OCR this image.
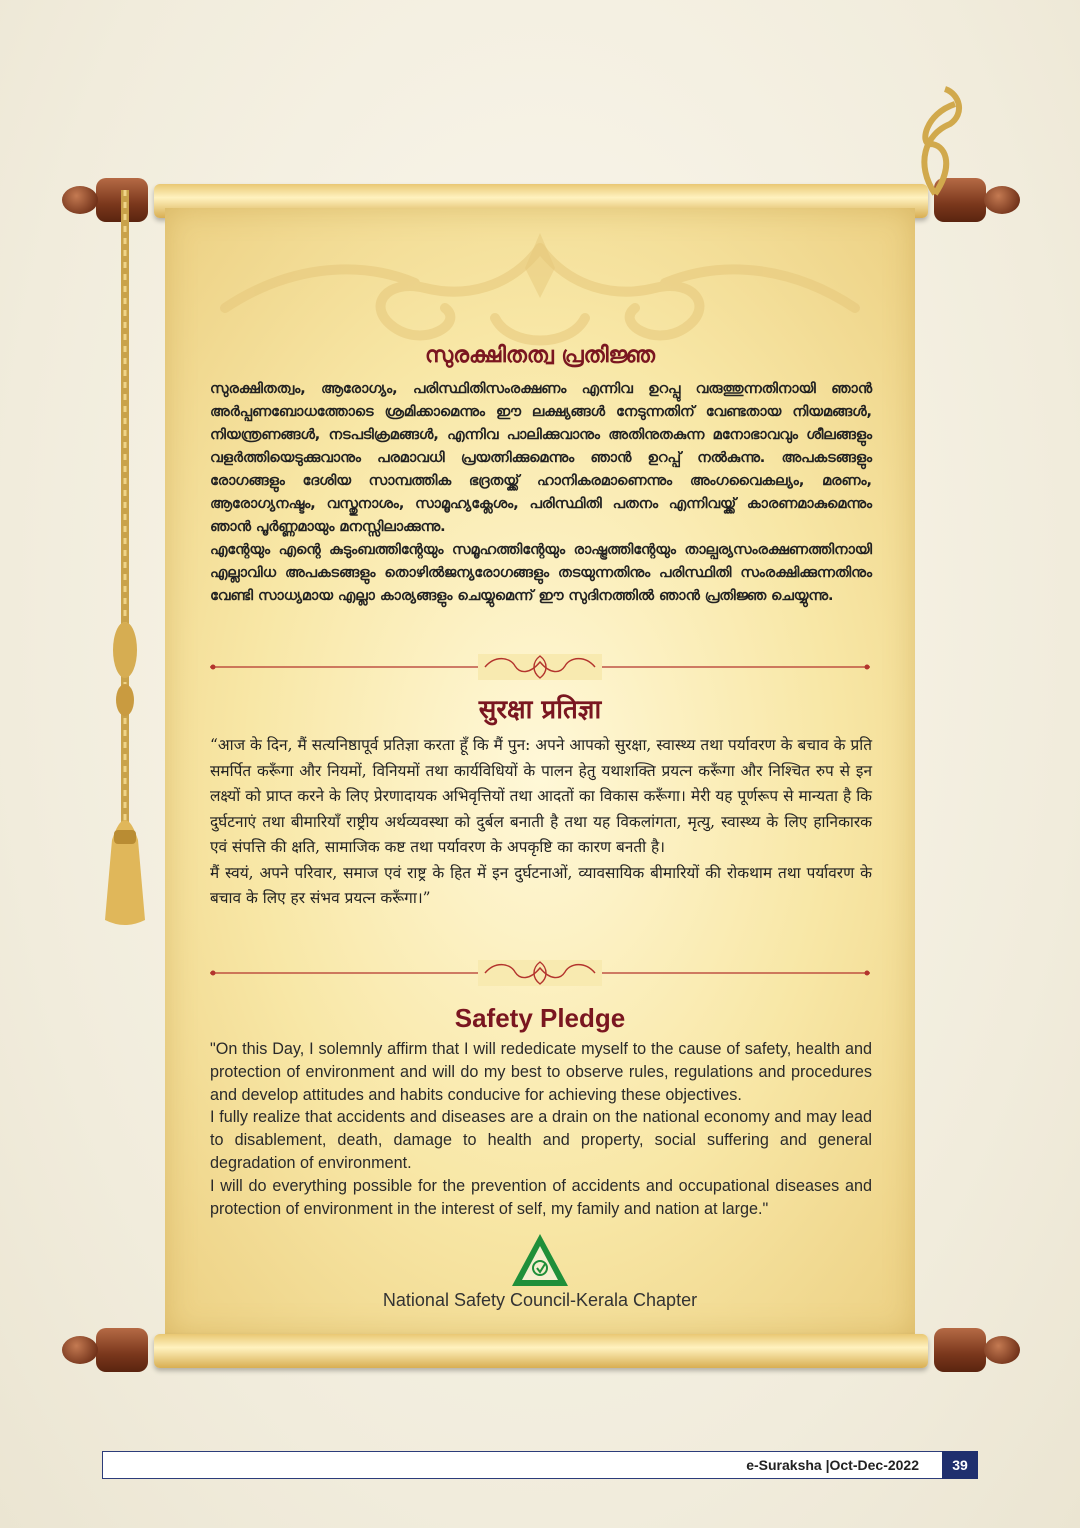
സുരക്ഷിതത്വ പ്രതിജ്ഞ
സുരക്ഷിതത്വം, ആരോഗ്യം, പരിസ്ഥിതിസംരക്ഷണം എന്നിവ ഉറപ്പു വരുത്തുന്നതിനായി ഞാൻ അർപ്പണബോധത്തോടെ ശ്രമിക്കാമെന്നും ഈ ലക്ഷ്യങ്ങൾ നേടുന്നതിന് വേണ്ടതായ നിയമങ്ങൾ, നിയന്ത്രണങ്ങൾ, നടപടിക്രമങ്ങൾ, എന്നിവ പാലിക്കുവാനും അതിനുതകുന്ന മനോഭാവവും ശീലങ്ങളും വളർത്തിയെടുക്കുവാനും പരമാവധി പ്രയത്നിക്കുമെന്നും ഞാൻ ഉറപ്പ് നൽകുന്നു. അപകടങ്ങളും രോഗങ്ങളും ദേശിയ സാമ്പത്തിക ഭദ്രതയ്ക്ക് ഹാനികരമാണെന്നും അംഗവൈകല്യം, മരണം, ആരോഗ്യനഷ്ടം, വസ്തുനാശം, സാമൂഹ്യക്ലേശം, പരിസ്ഥിതി പതനം എന്നിവയ്ക്ക് കാരണമാകുമെന്നും ഞാൻ പൂർണ്ണമായും മനസ്സിലാക്കുന്നു.
എന്റേയും എന്റെ കുടുംബത്തിന്റേയും സമൂഹത്തിന്റേയും രാഷ്ട്രത്തിന്റേയും താല്പര്യസംരക്ഷണത്തിനായി എല്ലാവിധ അപകടങ്ങളും തൊഴിൽജന്യരോഗങ്ങളും തടയുന്നതിനും പരിസ്ഥിതി സംരക്ഷിക്കുന്നതിനും വേണ്ടി സാധ്യമായ എല്ലാ കാര്യങ്ങളും ചെയ്യുമെന്ന് ഈ സുദിനത്തിൽ ഞാൻ പ്രതിജ്ഞ ചെയ്യുന്നു.
सुरक्षा प्रतिज्ञा
“आज के दिन, मैं सत्यनिष्ठापूर्व प्रतिज्ञा करता हूँ कि मैं पुन: अपने आपको सुरक्षा, स्वास्थ्य तथा पर्यावरण के बचाव के प्रति समर्पित करूँगा और नियमों, विनियमों तथा कार्यविधियों के पालन हेतु यथाशक्ति प्रयत्न करूँगा और निश्चित रुप से इन लक्ष्यों को प्राप्त करने के लिए प्रेरणादायक अभिवृत्तियों तथा आदतों का विकास करूँगा। मेरी यह पूर्णरूप से मान्यता है कि दुर्घटनाएं तथा बीमारियाँ राष्ट्रीय अर्थव्यवस्था को दुर्बल बनाती है तथा यह विकलांगता, मृत्यु, स्वास्थ्य के लिए हानिकारक एवं संपत्ति की क्षति, सामाजिक कष्ट तथा पर्यावरण के अपकृष्टि का कारण बनती है।
मैं स्वयं, अपने परिवार, समाज एवं राष्ट्र के हित में इन दुर्घटनाओं, व्यावसायिक बीमारियों की रोकथाम तथा पर्यावरण के बचाव के लिए हर संभव प्रयत्न करूँगा।”
Safety Pledge
"On this Day, I solemnly affirm that I will rededicate myself to the cause of safety, health and protection of environment and will do my best to observe rules, regulations and procedures and develop attitudes and habits conducive for achieving these objectives.
I fully realize that accidents and diseases are a drain on the national economy and may lead to disablement, death, damage to health and property, social suffering and general degradation of environment.
I will do everything possible for the prevention of accidents and occupational diseases and protection of environment in the interest of self, my family and nation at large."
National Safety Council-Kerala Chapter
e-Suraksha |Oct-Dec-2022	39
